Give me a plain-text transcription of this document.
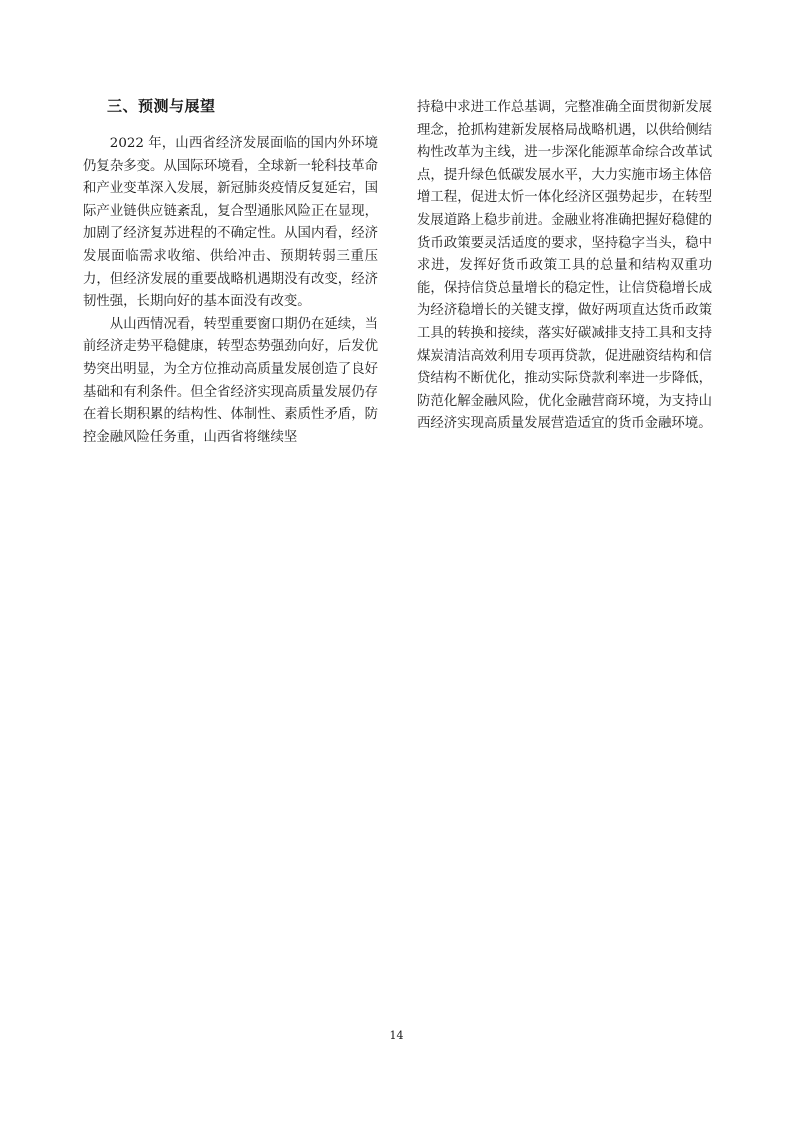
三、预测与展望

2022 年，山西省经济发展面临的国内外环境仍复杂多变。从国际环境看，全球新一轮科技革命和产业变革深入发展，新冠肺炎疫情反复延宕，国际产业链供应链紊乱，复合型通胀风险正在显现，加剧了经济复苏进程的不确定性。从国内看，经济发展面临需求收缩、供给冲击、预期转弱三重压力，但经济发展的重要战略机遇期没有改变，经济韧性强，长期向好的基本面没有改变。

从山西情况看，转型重要窗口期仍在延续，当前经济走势平稳健康，转型态势强劲向好，后发优势突出明显，为全方位推动高质量发展创造了良好基础和有利条件。但全省经济实现高质量发展仍存在着长期积累的结构性、体制性、素质性矛盾，防控金融风险任务重，山西省将继续坚

持稳中求进工作总基调，完整准确全面贯彻新发展理念，抢抓构建新发展格局战略机遇，以供给侧结构性改革为主线，进一步深化能源革命综合改革试点，提升绿色低碳发展水平，大力实施市场主体倍增工程，促进太忻一体化经济区强势起步，在转型发展道路上稳步前进。金融业将准确把握好稳健的货币政策要灵活适度的要求，坚持稳字当头，稳中求进，发挥好货币政策工具的总量和结构双重功能，保持信贷总量增长的稳定性，让信贷稳增长成为经济稳增长的关键支撑，做好两项直达货币政策工具的转换和接续，落实好碳减排支持工具和支持煤炭清洁高效利用专项再贷款，促进融资结构和信贷结构不断优化，推动实际贷款利率进一步降低，防范化解金融风险，优化金融营商环境，为支持山西经济实现高质量发展营造适宜的货币金融环境。

14
